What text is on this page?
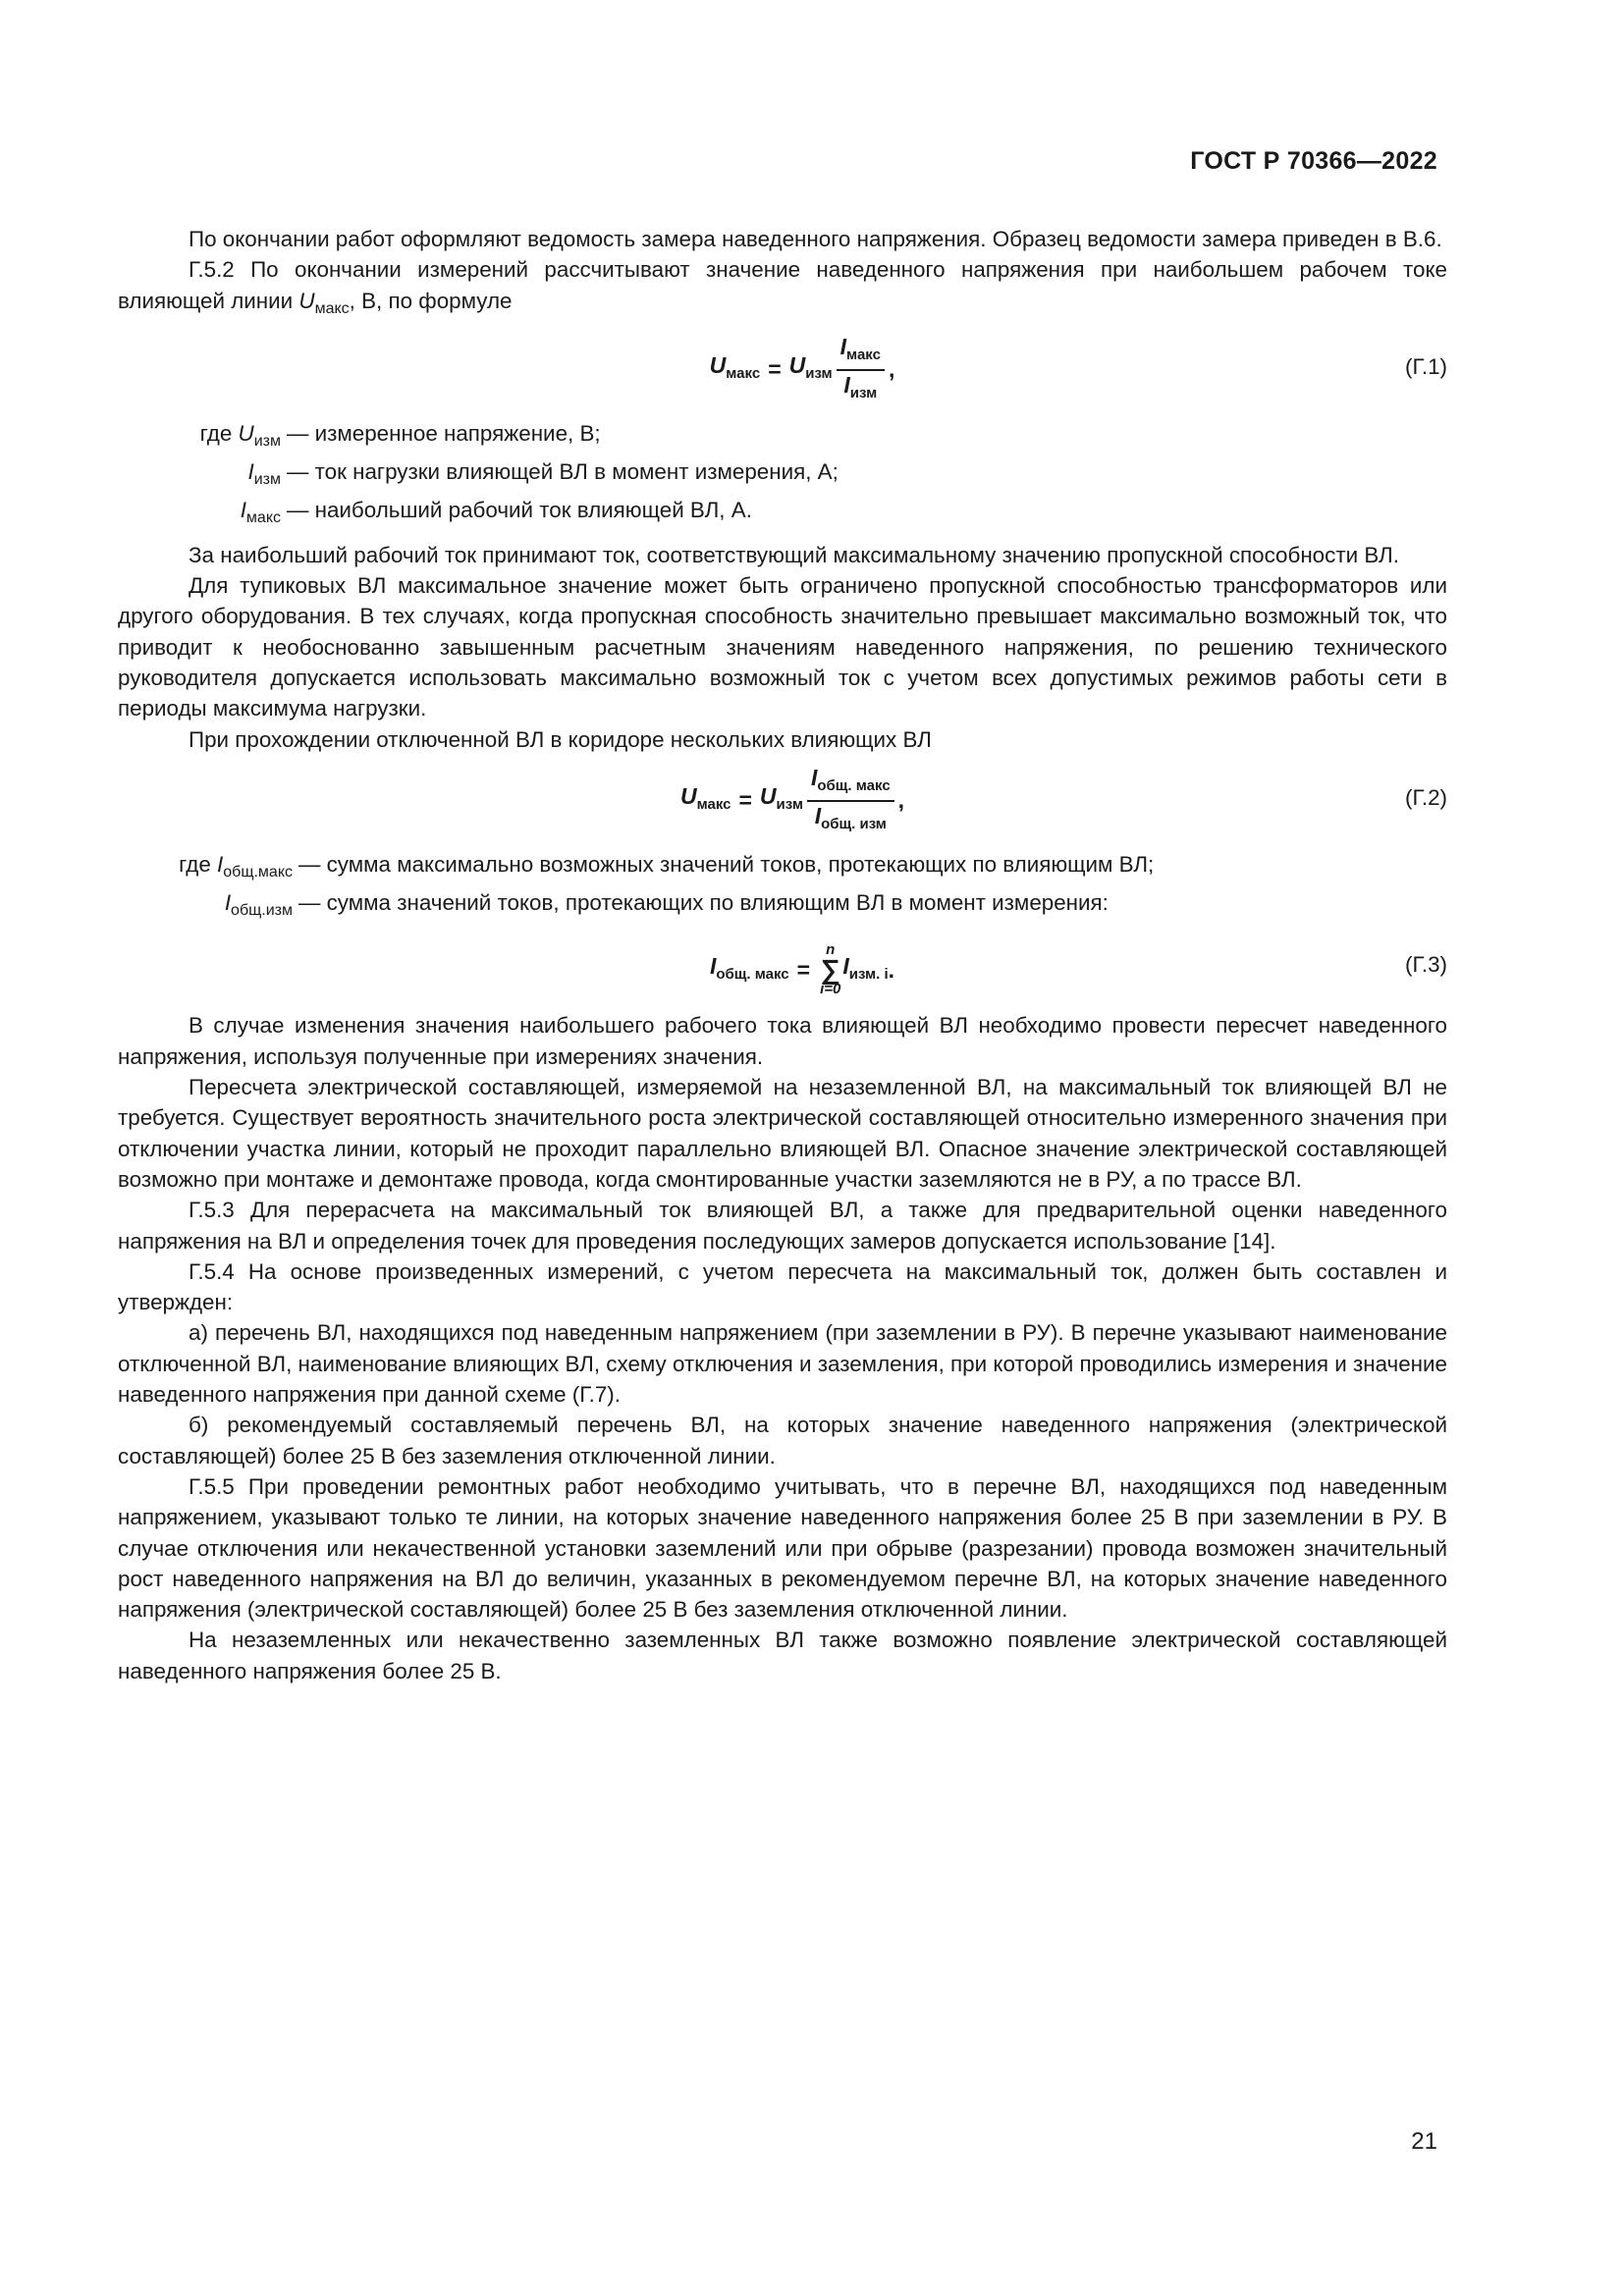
ГОСТ Р 70366—2022

По окончании работ оформляют ведомость замера наведенного напряжения. Образец ведомости замера приведен в В.6.

Г.5.2 По окончании измерений рассчитывают значение наведенного напряжения при наибольшем рабочем токе влияющей линии $U_{макс}$, В, по формуле

$U_{макс} = U_{изм} \frac{I_{макс}}{I_{изм}}$ ,	(Г.1)
где $U_{изм}$ — измеренное напряжение, В;
$I_{изм}$ — ток нагрузки влияющей ВЛ в момент измерения, А;
$I_{макс}$ — наибольший рабочий ток влияющей ВЛ, А.

За наибольший рабочий ток принимают ток, соответствующий максимальному значению пропускной способности ВЛ.

Для тупиковых ВЛ максимальное значение может быть ограничено пропускной способностью трансформаторов или другого оборудования. В тех случаях, когда пропускная способность значительно превышает максимально возможный ток, что приводит к необоснованно завышенным расчетным значениям наведенного напряжения, по решению технического руководителя допускается использовать максимально возможный ток с учетом всех допустимых режимов работы сети в периоды максимума нагрузки.

При прохождении отключенной ВЛ в коридоре нескольких влияющих ВЛ

$U_{макс} = U_{изм} \frac{I_{общ. макс}}{I_{общ. изм}}$ ,	(Г.2)
где $I_{общ.макс}$ — сумма максимально возможных значений токов, протекающих по влияющим ВЛ;
$I_{общ.изм}$ — сумма значений токов, протекающих по влияющим ВЛ в момент измерения:
$I_{общ. макс}$ =
n
∑
i=0
$I_{изм. i}$ .	(Г.3)

В случае изменения значения наибольшего рабочего тока влияющей ВЛ необходимо провести пересчет наведенного напряжения, используя полученные при измерениях значения.

Пересчета электрической составляющей, измеряемой на незаземленной ВЛ, на максимальный ток влияющей ВЛ не требуется. Существует вероятность значительного роста электрической составляющей относительно измеренного значения при отключении участка линии, который не проходит параллельно влияющей ВЛ. Опасное значение электрической составляющей возможно при монтаже и демонтаже провода, когда смонтированные участки заземляются не в РУ, а по трассе ВЛ.

Г.5.3 Для перерасчета на максимальный ток влияющей ВЛ, а также для предварительной оценки наведенного напряжения на ВЛ и определения точек для проведения последующих замеров допускается использование [14].

Г.5.4 На основе произведенных измерений, с учетом пересчета на максимальный ток, должен быть составлен и утвержден:

а) перечень ВЛ, находящихся под наведенным напряжением (при заземлении в РУ). В перечне указывают наименование отключенной ВЛ, наименование влияющих ВЛ, схему отключения и заземления, при которой проводились измерения и значение наведенного напряжения при данной схеме (Г.7).

б) рекомендуемый составляемый перечень ВЛ, на которых значение наведенного напряжения (электрической составляющей) более 25 В без заземления отключенной линии.

Г.5.5 При проведении ремонтных работ необходимо учитывать, что в перечне ВЛ, находящихся под наведенным напряжением, указывают только те линии, на которых значение наведенного напряжения более 25 В при заземлении в РУ. В случае отключения или некачественной установки заземлений или при обрыве (разрезании) провода возможен значительный рост наведенного напряжения на ВЛ до величин, указанных в рекомендуемом перечне ВЛ, на которых значение наведенного напряжения (электрической составляющей) более 25 В без заземления отключенной линии.

На незаземленных или некачественно заземленных ВЛ также возможно появление электрической составляющей наведенного напряжения более 25 В.

21
